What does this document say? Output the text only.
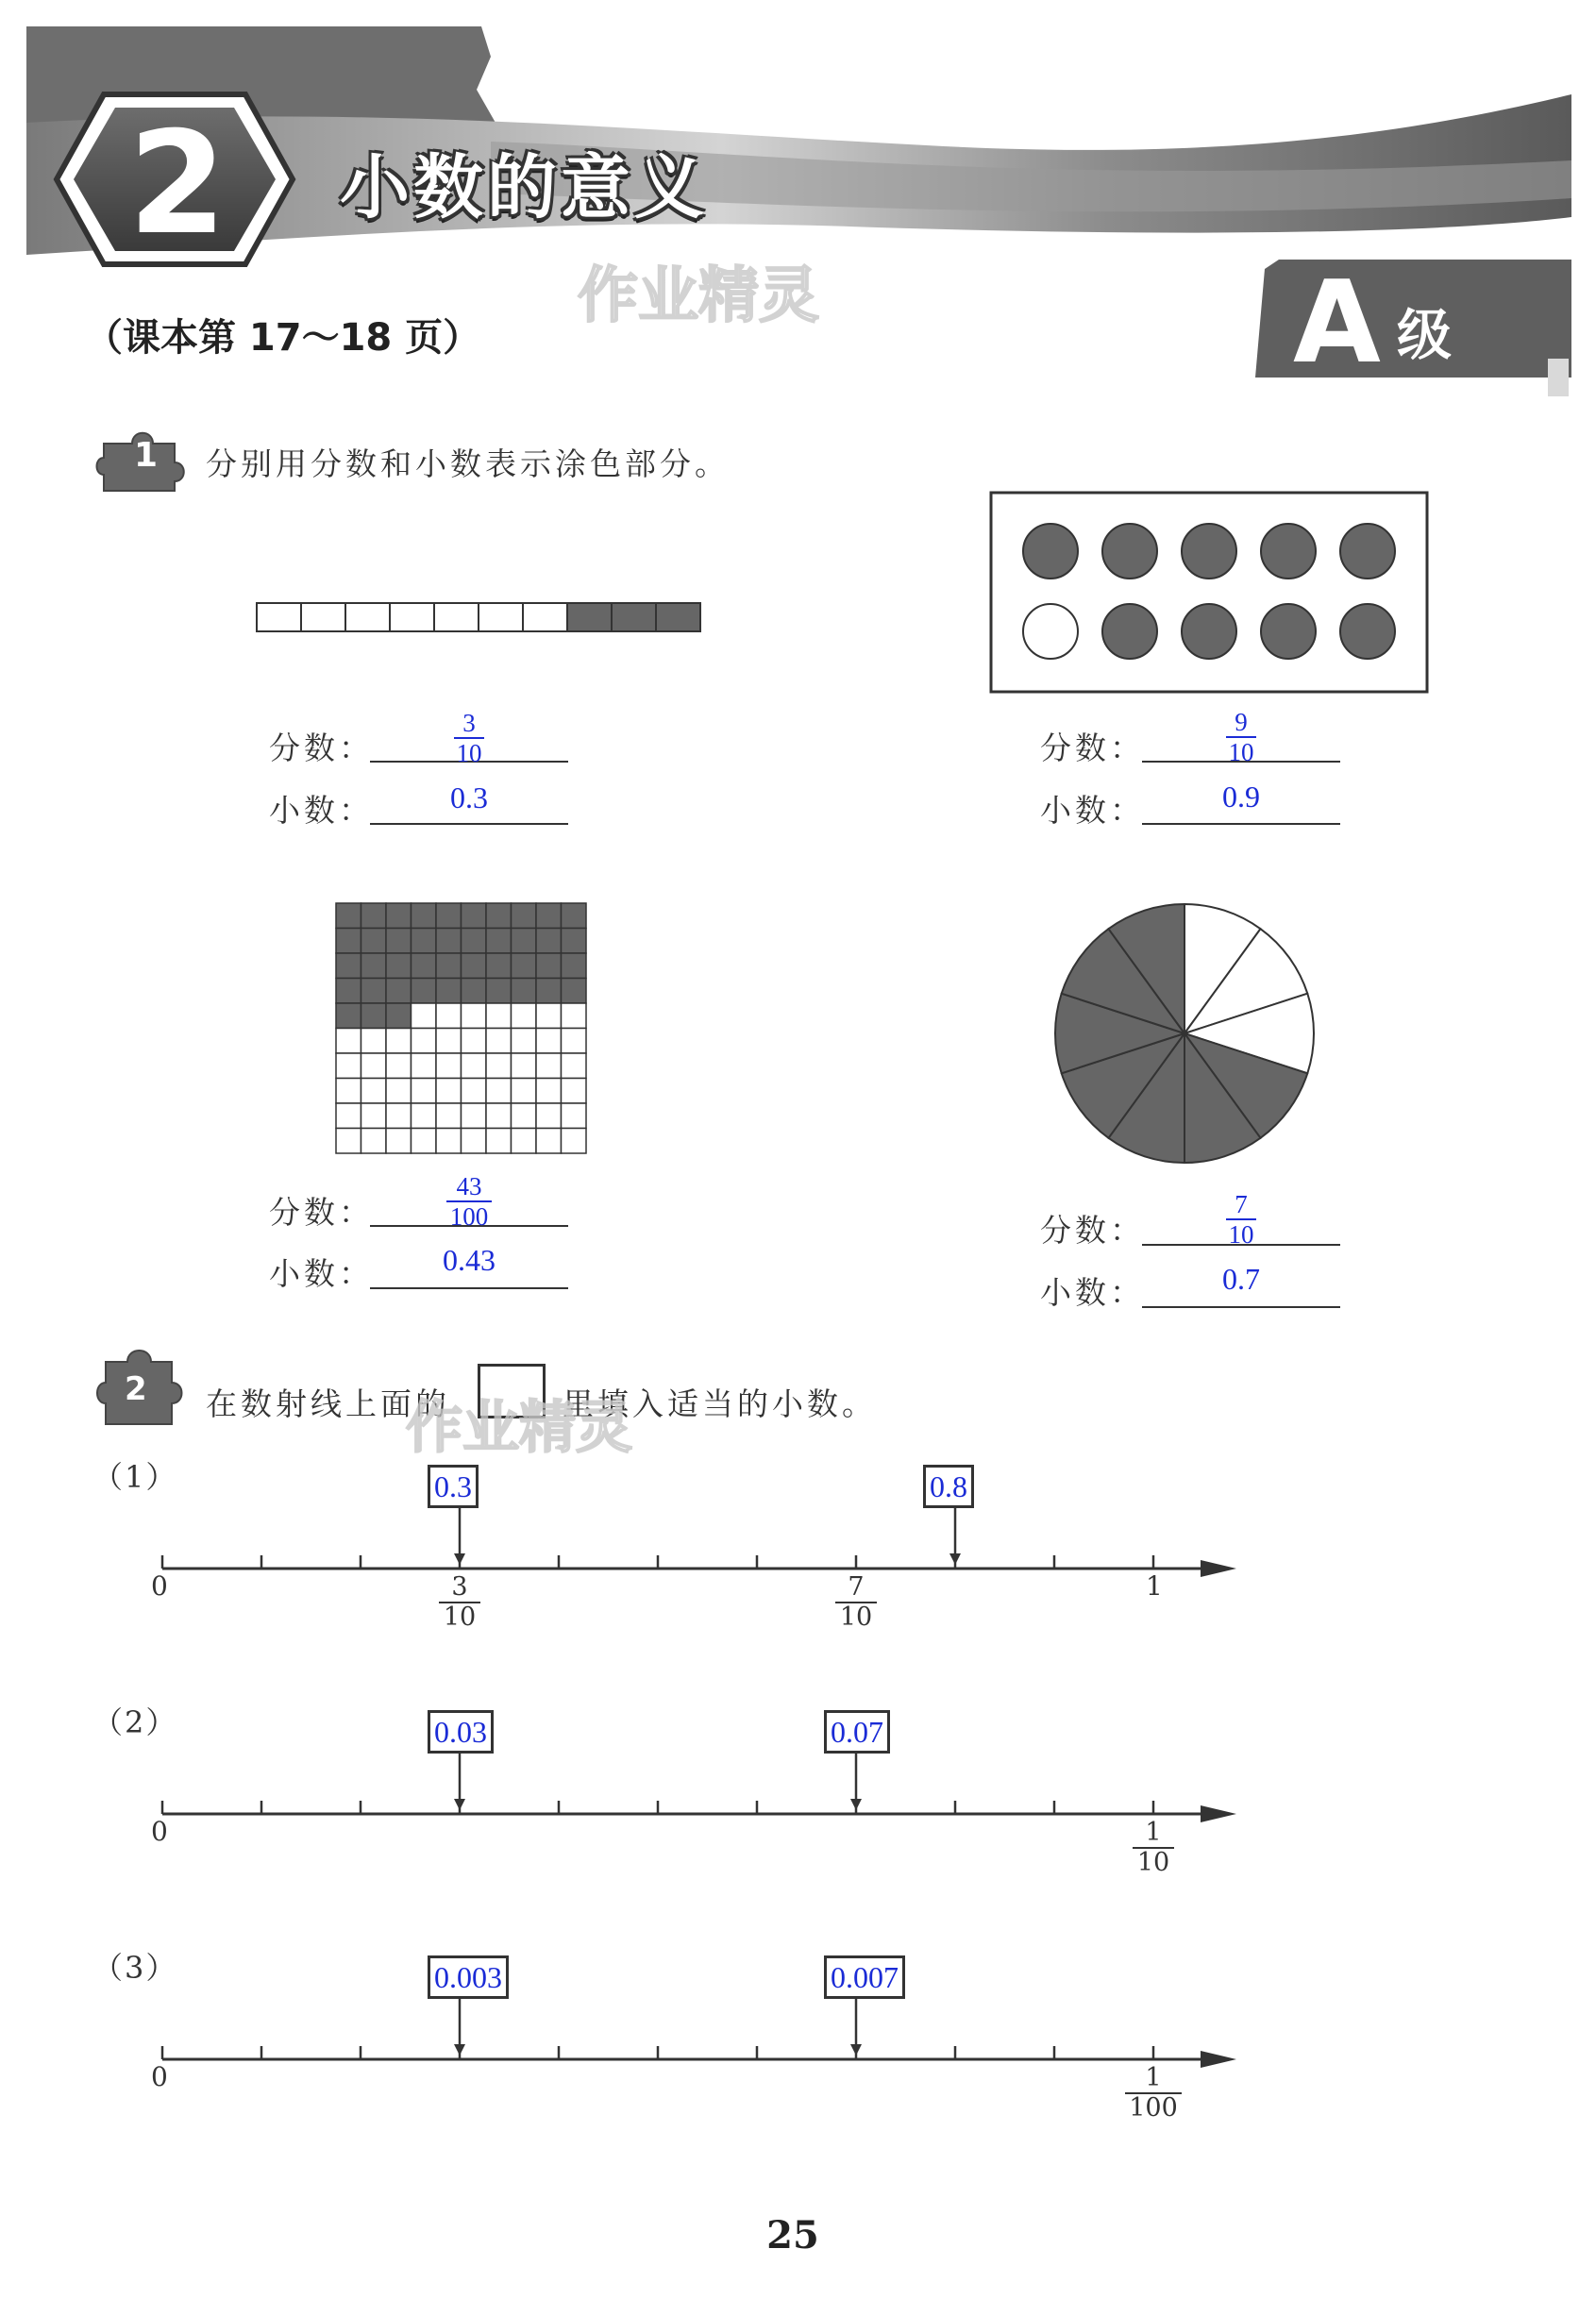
2 小数的意义
（课本第 17～18 页）	A 级
作业精灵
1 分别用分数和小数表示涂色部分。
分数：
3
10
小数：	0.3
分数：
9
10
小数：	0.9
分数：
43
100
小数：	0.43
分数：
7
10
小数：	0.7
2 在数射线上面的	里填入适当的小数。
作业精灵
（1）
0	3
10
7
10
1
0.3	0.8
（2）
0	1
10
0.03	0.07
（3）
0	1
100
0.003	0.007
25
